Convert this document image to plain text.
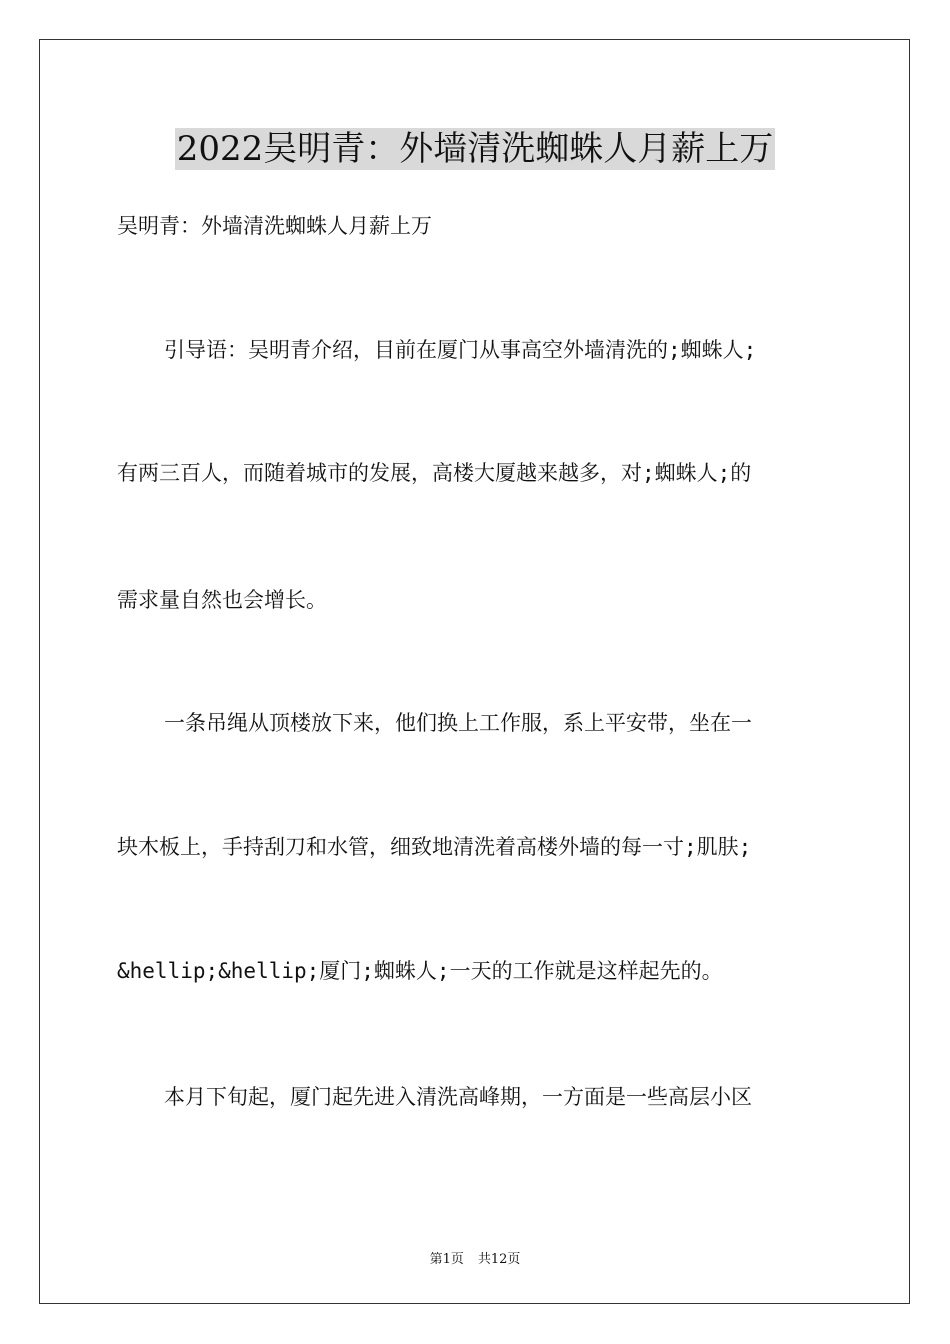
2022吴明青：外墙清洗蜘蛛人月薪上万
吴明青：外墙清洗蜘蛛人月薪上万
引导语：吴明青介绍，目前在厦门从事高空外墙清洗的;蜘蛛人;
有两三百人，而随着城市的发展，高楼大厦越来越多，对;蜘蛛人;的
需求量自然也会增长。
一条吊绳从顶楼放下来，他们换上工作服，系上平安带，坐在一
块木板上，手持刮刀和水管，细致地清洗着高楼外墙的每一寸;肌肤;
&hellip;&hellip;厦门;蜘蛛人;一天的工作就是这样起先的。
本月下旬起，厦门起先进入清洗高峰期，一方面是一些高层小区
第1页 共12页
